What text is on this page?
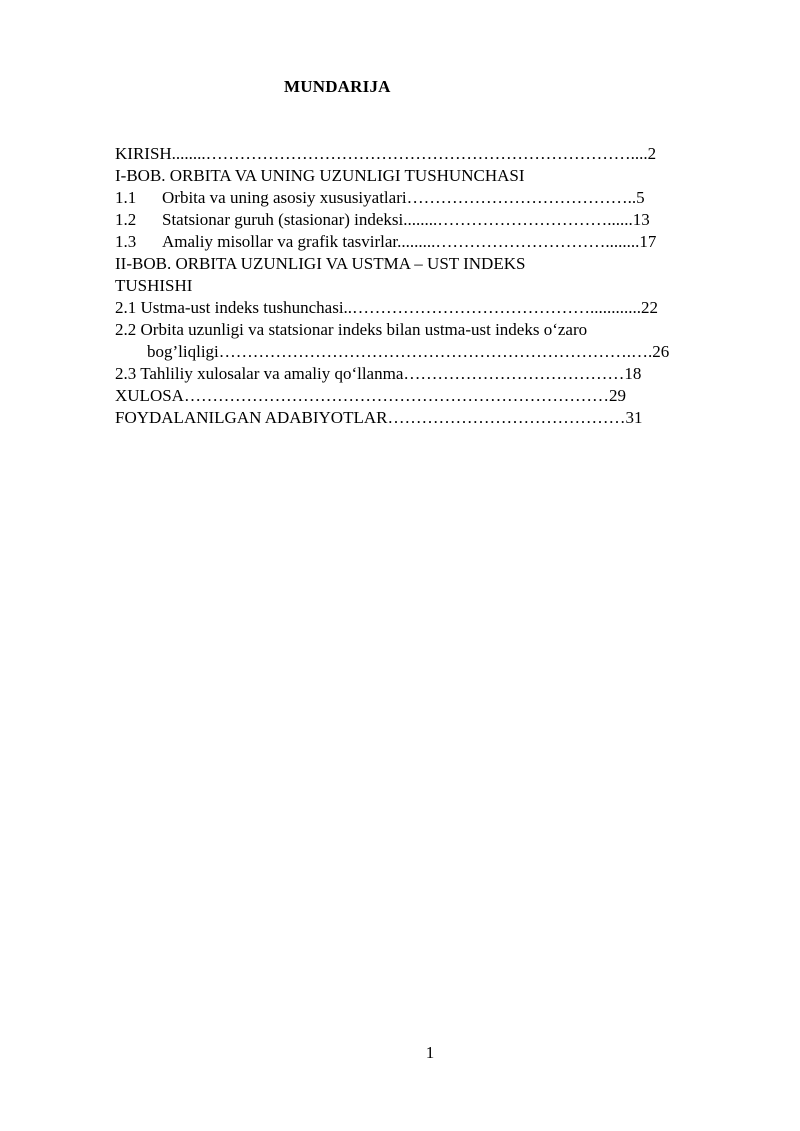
MUNDARIJA
KIRISH........…………………………………………………………………....2
I-BOB. ORBITA VA UNING UZUNLIGI TUSHUNCHASI
1.1 Orbita va uning asosiy xususiyatlari…………………………………..5
1.2 Statsionar guruh (stasionar) indeksi........…………………………......13
1.3 Amaliy misollar va grafik tasvirlar.........…………………………........17
II-BOB. ORBITA UZUNLIGI VA USTMA – UST INDEKS
TUSHISHI
2.1 Ustma-ust indeks tushunchasi..……………………………………............22
2.2 Orbita uzunligi va statsionar indeks bilan ustma-ust indeks o‘zaro
bog’liqligi……………………………………………………………….….26
2.3 Tahliliy xulosalar va amaliy qo‘llanma…………………………………18
XULOSA…………………………………………………………………29
FOYDALANILGAN ADABIYOTLAR……………………………………31
1
